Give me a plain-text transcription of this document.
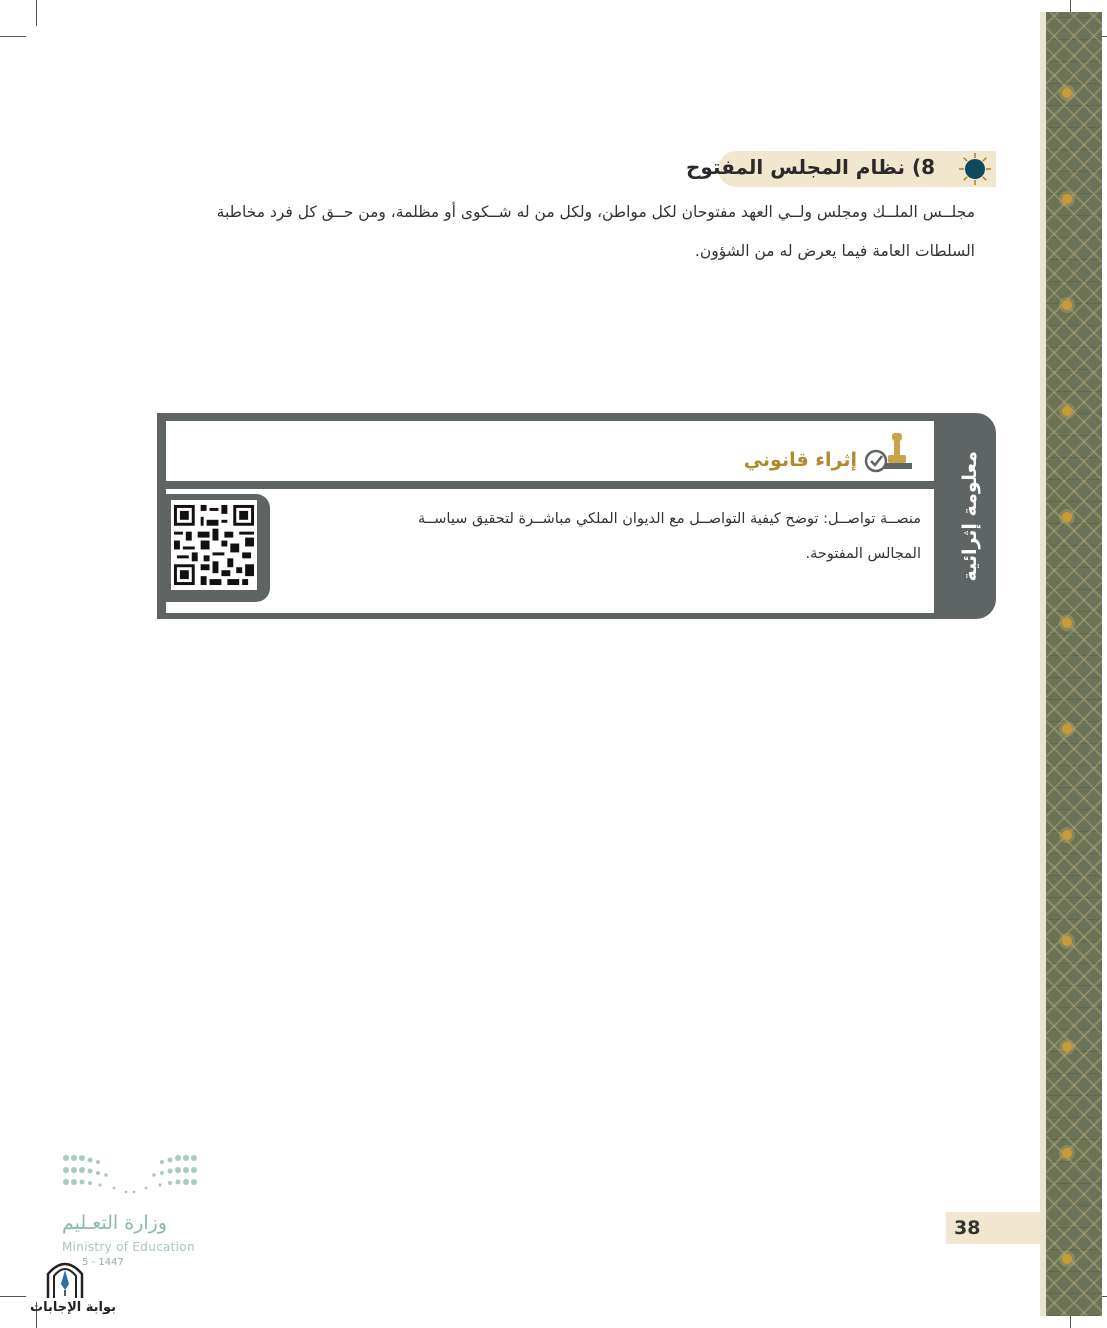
8) نظام المجلس المفتوح
مجلــس الملــك ومجلس ولــي العهد مفتوحان لكل مواطن، ولكل من له شــكوى أو مظلمة، ومن حــق كل فرد مخاطبة
السلطات العامة فيما يعرض له من الشؤون.
معلومة إثرائية
إثراء قانوني
منصــة تواصــل: توضح كيفية التواصــل مع الديوان الملكي مباشــرة لتحقيق سياســة
المجالس المفتوحة.
38
وزارة التعـليم
Ministry of Education
5 - 1447
بوابة الإجابات
